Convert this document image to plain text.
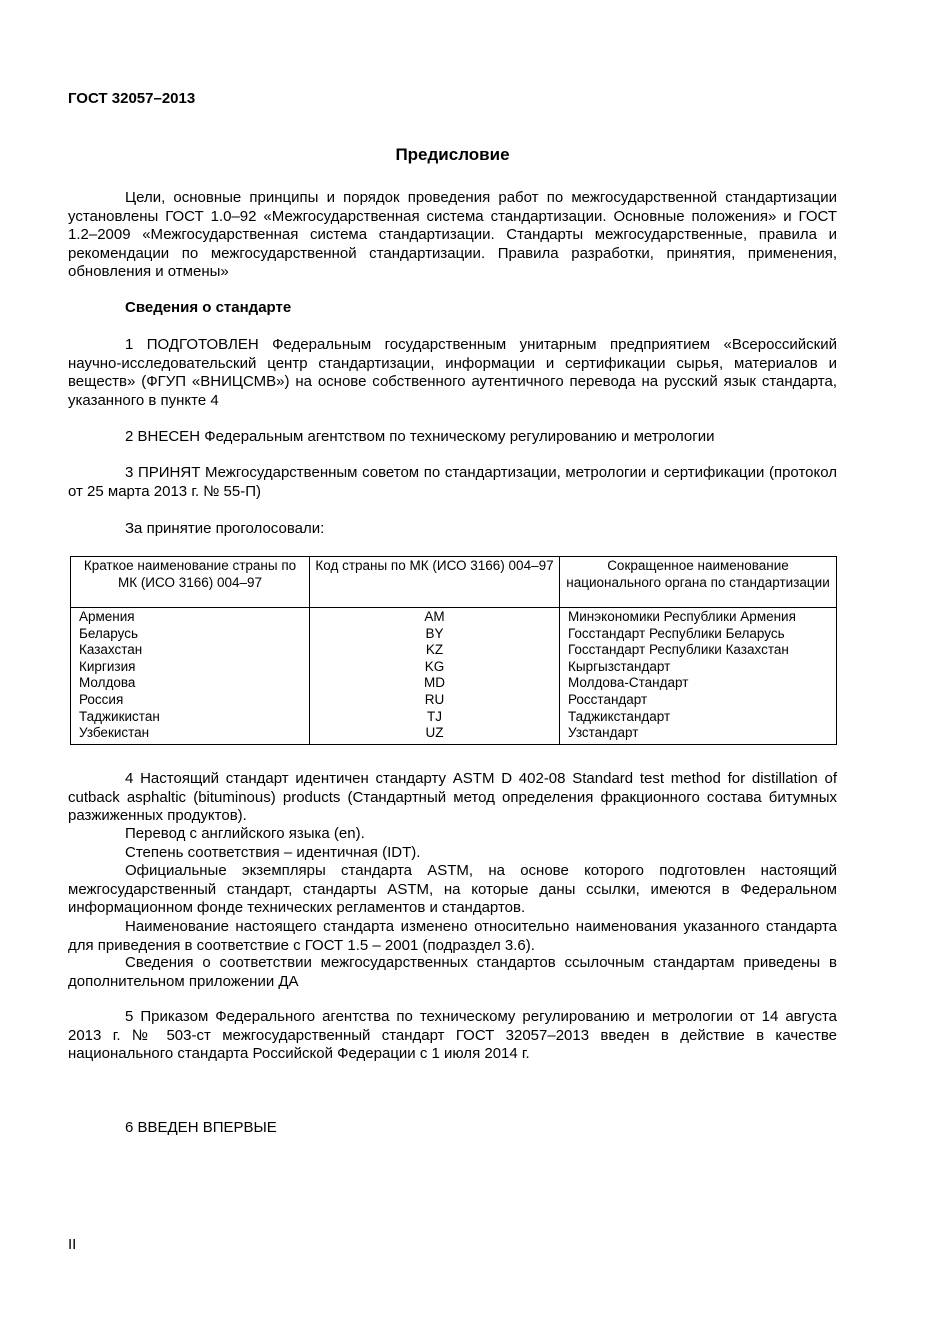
ГОСТ 32057–2013
Предисловие
Цели, основные принципы и порядок проведения работ по межгосударственной стандартизации установлены ГОСТ 1.0–92 «Межгосударственная система стандартизации. Основные положения» и ГОСТ 1.2–2009 «Межгосударственная система стандартизации. Стандарты межгосударственные, правила и рекомендации по межгосударственной стандартизации. Правила разработки, принятия, применения, обновления и отмены»
Сведения о стандарте
1 ПОДГОТОВЛЕН Федеральным государственным унитарным предприятием «Всероссийский научно-исследовательский центр стандартизации, информации и сертификации сырья, материалов и веществ» (ФГУП «ВНИЦСМВ») на основе собственного аутентичного перевода на русский язык стандарта, указанного в пункте 4
2 ВНЕСЕН Федеральным агентством по техническому регулированию и метрологии
3 ПРИНЯТ Межгосударственным советом по стандартизации, метрологии и сертификации (протокол от 25 марта 2013 г. № 55-П)
За принятие проголосовали:
Краткое наименование страны по МК (ИСО 3166) 004–97	Код страны по МК (ИСО 3166) 004–97	Сокращенное наименование национального органа по стандартизации
Армения	AM	Минэкономики Республики Армения
Беларусь	BY	Госстандарт Республики Беларусь
Казахстан	KZ	Госстандарт Республики Казахстан
Киргизия	KG	Кыргызстандарт
Молдова	MD	Молдова-Стандарт
Россия	RU	Росстандарт
Таджикистан	TJ	Таджикстандарт
Узбекистан	UZ	Узстандарт
4 Настоящий стандарт идентичен стандарту ASTM D 402-08 Standard test method for distillation of cutback asphaltic (bituminous) products (Стандартный метод определения фракционного состава битумных разжиженных продуктов).
Перевод с английского языка (en).
Степень соответствия – идентичная (IDT).
Официальные экземпляры стандарта ASTM, на основе которого подготовлен настоящий межгосударственный стандарт, стандарты ASTM, на которые даны ссылки, имеются в Федеральном информационном фонде технических регламентов и стандартов.
Наименование настоящего стандарта изменено относительно наименования указанного стандарта для приведения в соответствие с ГОСТ 1.5 – 2001 (подраздел 3.6).
Сведения о соответствии межгосударственных стандартов ссылочным стандартам приведены в дополнительном приложении ДА
5 Приказом Федерального агентства по техническому регулированию и метрологии от 14 августа 2013 г. № 503-ст межгосударственный стандарт ГОСТ 32057–2013 введен в действие в качестве национального стандарта Российской Федерации с 1 июля 2014 г.
6 ВВЕДЕН ВПЕРВЫЕ
II
